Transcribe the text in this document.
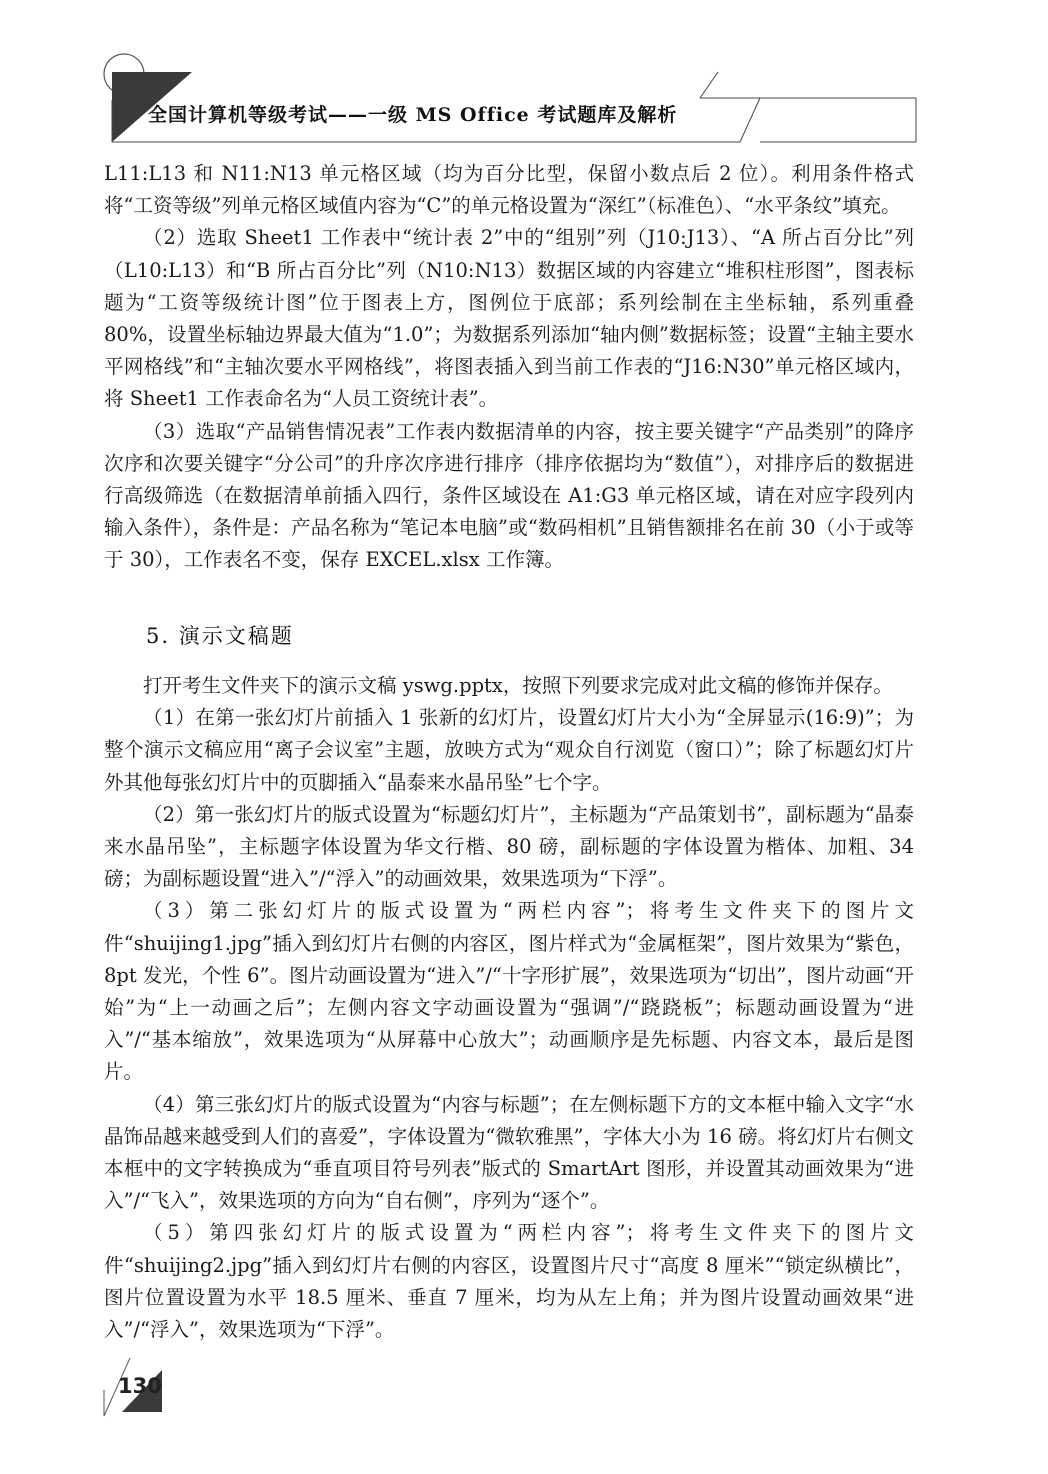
全国计算机等级考试——一级 MS Office 考试题库及解析

L11:L13 和 N11:N13 单元格区域（均为百分比型，保留小数点后 2 位）。利用条件格式将“工资等级”列单元格区域值内容为“C”的单元格设置为“深红”（标准色）、“水平条纹”填充。

（2）选取 Sheet1 工作表中“统计表 2”中的“组别”列（J10:J13）、“A 所占百分比”列（L10:L13）和“B 所占百分比”列（N10:N13）数据区域的内容建立“堆积柱形图”，图表标题为“工资等级统计图”位于图表上方，图例位于底部；系列绘制在主坐标轴，系列重叠 80%，设置坐标轴边界最大值为“1.0”；为数据系列添加“轴内侧”数据标签；设置“主轴主要水平网格线”和“主轴次要水平网格线”，将图表插入到当前工作表的“J16:N30”单元格区域内，将 Sheet1 工作表命名为“人员工资统计表”。

（3）选取“产品销售情况表”工作表内数据清单的内容，按主要关键字“产品类别”的降序次序和次要关键字“分公司”的升序次序进行排序（排序依据均为“数值”），对排序后的数据进行高级筛选（在数据清单前插入四行，条件区域设在 A1:G3 单元格区域，请在对应字段列内输入条件），条件是：产品名称为“笔记本电脑”或“数码相机”且销售额排名在前 30（小于或等于 30），工作表名不变，保存 EXCEL.xlsx 工作簿。

5. 演示文稿题

打开考生文件夹下的演示文稿 yswg.pptx，按照下列要求完成对此文稿的修饰并保存。

（1）在第一张幻灯片前插入 1 张新的幻灯片，设置幻灯片大小为“全屏显示(16:9)”；为整个演示文稿应用“离子会议室”主题，放映方式为“观众自行浏览（窗口）”；除了标题幻灯片外其他每张幻灯片中的页脚插入“晶泰来水晶吊坠”七个字。

（2）第一张幻灯片的版式设置为“标题幻灯片”，主标题为“产品策划书”，副标题为“晶泰来水晶吊坠”，主标题字体设置为华文行楷、80 磅，副标题的字体设置为楷体、加粗、34 磅；为副标题设置“进入”/“浮入”的动画效果，效果选项为“下浮”。

（3）第二张幻灯片的版式设置为“两栏内容”；将考生文件夹下的图片文件“shuijing1.jpg”插入到幻灯片右侧的内容区，图片样式为“金属框架”，图片效果为“紫色，8pt 发光，个性 6”。图片动画设置为“进入”/“十字形扩展”，效果选项为“切出”，图片动画“开始”为“上一动画之后”；左侧内容文字动画设置为“强调”/“跷跷板”；标题动画设置为“进入”/“基本缩放”，效果选项为“从屏幕中心放大”；动画顺序是先标题、内容文本，最后是图片。

（4）第三张幻灯片的版式设置为“内容与标题”；在左侧标题下方的文本框中输入文字“水晶饰品越来越受到人们的喜爱”，字体设置为“微软雅黑”，字体大小为 16 磅。将幻灯片右侧文本框中的文字转换成为“垂直项目符号列表”版式的 SmartArt 图形，并设置其动画效果为“进入”/“飞入”，效果选项的方向为“自右侧”，序列为“逐个”。

（5）第四张幻灯片的版式设置为“两栏内容”；将考生文件夹下的图片文件“shuijing2.jpg”插入到幻灯片右侧的内容区，设置图片尺寸“高度 8 厘米”“锁定纵横比”，图片位置设置为水平 18.5 厘米、垂直 7 厘米，均为从左上角；并为图片设置动画效果“进入”/“浮入”，效果选项为“下浮”。

130
